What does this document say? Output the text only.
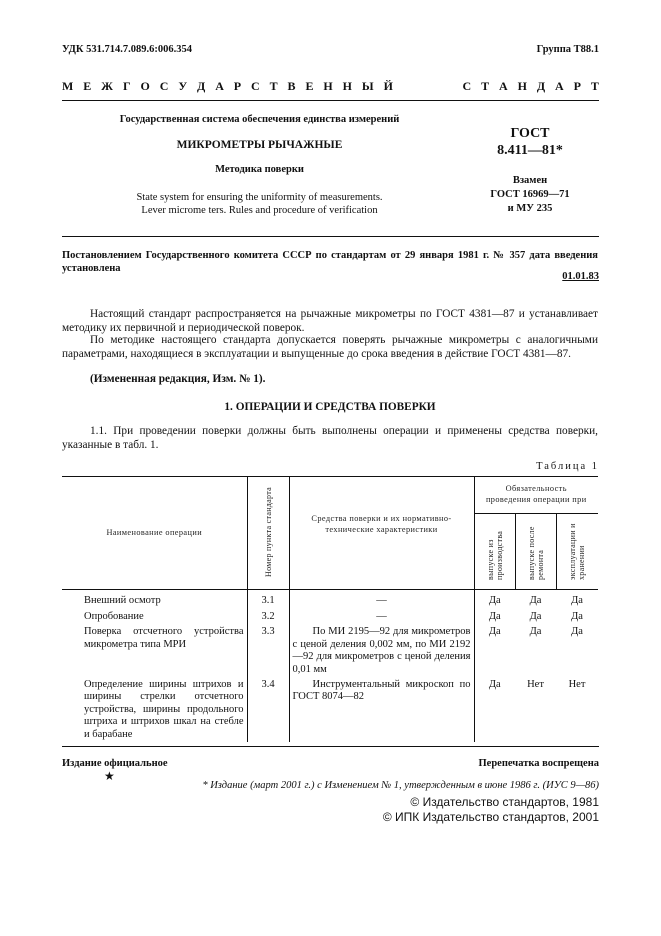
УДК 531.714.7.089.6:006.354	Группа Т88.1
М Е Ж Г О С У Д А Р С Т В Е Н Н Ы Й	С Т А Н Д А Р Т
Государственная система обеспечения единства измерений
МИКРОМЕТРЫ РЫЧАЖНЫЕ
Методика поверки
State system for ensuring the uniformity of measurements.
Lever microme ters. Rules and procedure of verification
ГОСТ
8.411—81*
Взамен
ГОСТ 16969—71
и МУ 235
Постановлением Государственного комитета СССР по стандартам от 29 января 1981 г. № 357 дата введения установлена
01.01.83
Настоящий стандарт распространяется на рычажные микрометры по ГОСТ 4381—87 и устанавливает методику их первичной и периодической поверок.
По методике настоящего стандарта допускается поверять рычажные микрометры с аналогичными параметрами, находящиеся в эксплуатации и выпущенные до срока введения в действие ГОСТ 4381—87.
(Измененная редакция, Изм. № 1).
1. ОПЕРАЦИИ И СРЕДСТВА ПОВЕРКИ
1.1. При проведении поверки должны быть выполнены операции и применены средства поверки, указанные в табл. 1.
Таблица 1
Наименование операции	Номер пункта стандарта	Средства поверки и их нормативно-технические характеристики	Обязательность проведения операции при		
			выпуске из производства	выпуске после ремонта	эксплуатации и хранении
Внешний осмотр	3.1	—	Да	Да	Да
Опробование	3.2	—	Да	Да	Да
Поверка отсчетного устройства микрометра типа МРИ	3.3	По МИ 2195—92 для микрометров с ценой деления 0,002 мм, по МИ 2192—92 для микрометров с ценой деления 0,01 мм	Да	Да	Да
Определение ширины штрихов и ширины стрелки отсчетного устройства, ширины продольного штриха и штрихов шкал на стебле и барабане	3.4	Инструментальный микроскоп по ГОСТ 8074—82	Да	Нет	Нет
Издание официальное	Перепечатка воспрещена
★
* Издание (март 2001 г.) с Изменением № 1, утвержденным в июне 1986 г. (ИУС 9—86)
© Издательство стандартов, 1981
© ИПК Издательство стандартов, 2001
